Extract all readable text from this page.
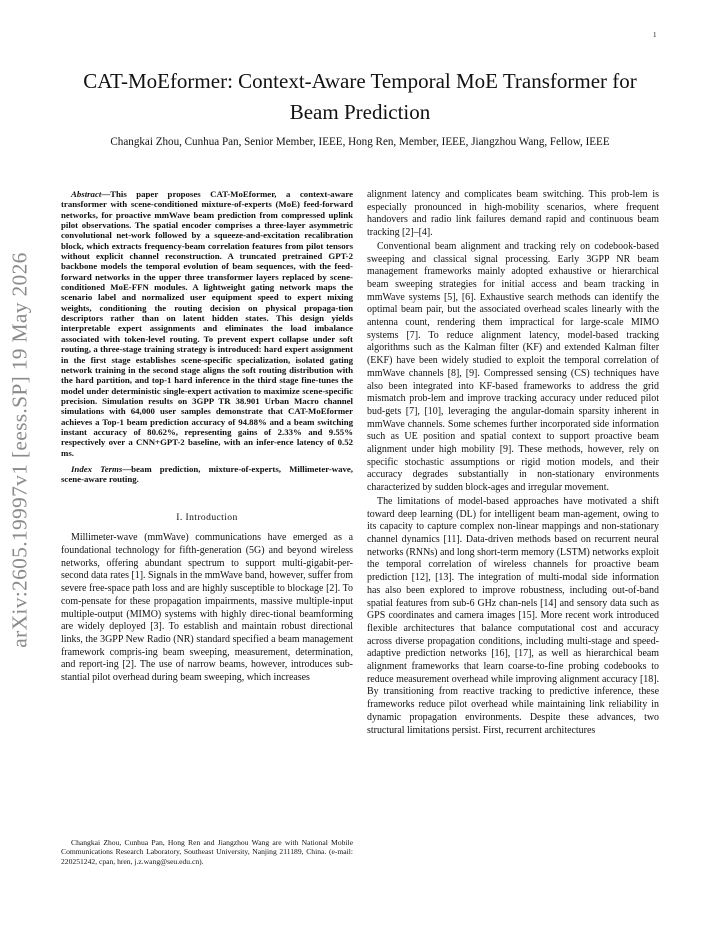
1
arXiv:2605.19997v1 [eess.SP] 19 May 2026
CAT-MoEformer: Context-Aware Temporal MoE Transformer for Beam Prediction
Changkai Zhou, Cunhua Pan, Senior Member, IEEE, Hong Ren, Member, IEEE, Jiangzhou Wang, Fellow, IEEE

Abstract—This paper proposes CAT-MoEformer, a context-aware transformer with scene-conditioned mixture-of-experts (MoE) feed-forward networks, for proactive mmWave beam prediction from compressed uplink pilot observations. The spatial encoder comprises a three-layer asymmetric convolutional net-work followed by a squeeze-and-excitation recalibration block, which extracts frequency-beam correlation features from pilot tensors without explicit channel reconstruction. A truncated pretrained GPT-2 backbone models the temporal evolution of beam sequences, with the feed-forward networks in the upper three transformer layers replaced by scene-conditioned MoE-FFN modules. A lightweight gating network maps the scenario label and normalized user equipment speed to expert mixing weights, conditioning the routing decision on physical propaga-tion descriptors rather than on latent hidden states. This design yields interpretable expert assignments and eliminates the load imbalance associated with token-level routing. To prevent expert collapse under soft routing, a three-stage training strategy is introduced: hard expert assignment in the first stage establishes scene-specific specialization, isolated gating network training in the second stage aligns the soft routing distribution with the hard partition, and top-1 hard inference in the third stage fine-tunes the model under deterministic single-expert activation to maximize scene-specific precision. Simulation results on 3GPP TR 38.901 Urban Macro channel simulations with 64,000 user samples demonstrate that CAT-MoEformer achieves a Top-1 beam prediction accuracy of 94.88% and a beam switching instant accuracy of 80.62%, representing gains of 2.33% and 9.55% respectively over a CNN+GPT-2 baseline, with an infer-ence latency of 0.52 ms.

Index Terms—beam prediction, mixture-of-experts, Millimeter-wave, scene-aware routing.

I. Introduction

Millimeter-wave (mmWave) communications have emerged as a foundational technology for fifth-generation (5G) and beyond wireless networks, offering abundant spectrum to support multi-gigabit-per-second data rates [1]. Signals in the mmWave band, however, suffer from severe free-space path loss and are highly susceptible to blockage [2]. To com-pensate for these propagation impairments, massive multiple-input multiple-output (MIMO) systems with highly direc-tional beamforming are widely deployed [3]. To establish and maintain robust directional links, the 3GPP New Radio (NR) standard specified a beam management framework compris-ing beam sweeping, measurement, determination, and report-ing [2]. The use of narrow beams, however, introduces sub-stantial pilot overhead during beam sweeping, which increases

Changkai Zhou, Cunhua Pan, Hong Ren and Jiangzhou Wang are with National Mobile Communications Research Laboratory, Southeast University, Nanjing 211189, China. (e-mail: 220251242, cpan, hren, j.z.wang@seu.edu.cn).

alignment latency and complicates beam switching. This prob-lem is especially pronounced in high-mobility scenarios, where frequent handovers and radio link failures demand rapid and continuous beam tracking [2]–[4].

Conventional beam alignment and tracking rely on codebook-based sweeping and classical signal processing. Early 3GPP NR beam management frameworks mainly adopted exhaustive or hierarchical beam sweeping strategies for initial access and beam tracking in mmWave systems [5], [6]. Exhaustive search methods can identify the optimal beam pair, but the associated overhead scales linearly with the antenna count, rendering them impractical for large-scale MIMO systems [7]. To reduce alignment latency, model-based tracking algorithms such as the Kalman filter (KF) and extended Kalman filter (EKF) have been widely studied to exploit the temporal correlation of mmWave channels [8], [9]. Compressed sensing (CS) techniques have also been integrated into KF-based frameworks to address the grid mismatch prob-lem and improve tracking accuracy under reduced pilot bud-gets [7], [10], leveraging the angular-domain sparsity inherent in mmWave channels. Some schemes further incorporated side information such as UE position and spatial context to support proactive beam alignment under high mobility [9]. These methods, however, rely on specific stochastic assumptions or rigid motion models, and their accuracy degrades substantially in non-stationary environments characterized by sudden block-ages and irregular movement.

The limitations of model-based approaches have motivated a shift toward deep learning (DL) for intelligent beam man-agement, owing to its capacity to capture complex non-linear mappings and non-stationary channel dynamics [11]. Data-driven methods based on recurrent neural networks (RNNs) and long short-term memory (LSTM) networks exploit the temporal correlation of wireless channels for proactive beam prediction [12], [13]. The integration of multi-modal side information has also been explored to improve robustness, including out-of-band spatial features from sub-6 GHz chan-nels [14] and sensory data such as GPS coordinates and camera images [15]. More recent work introduced flexible architectures that balance computational cost and accuracy across diverse propagation conditions, including multi-stage and speed-adaptive prediction networks [16], [17], as well as hierarchical beam alignment frameworks that learn coarse-to-fine probing codebooks to reduce measurement overhead while improving alignment accuracy [18]. By transitioning from reactive tracking to predictive inference, these frameworks reduce pilot overhead while maintaining link reliability in dynamic propagation environments. Despite these advances, two structural limitations persist. First, recurrent architectures
